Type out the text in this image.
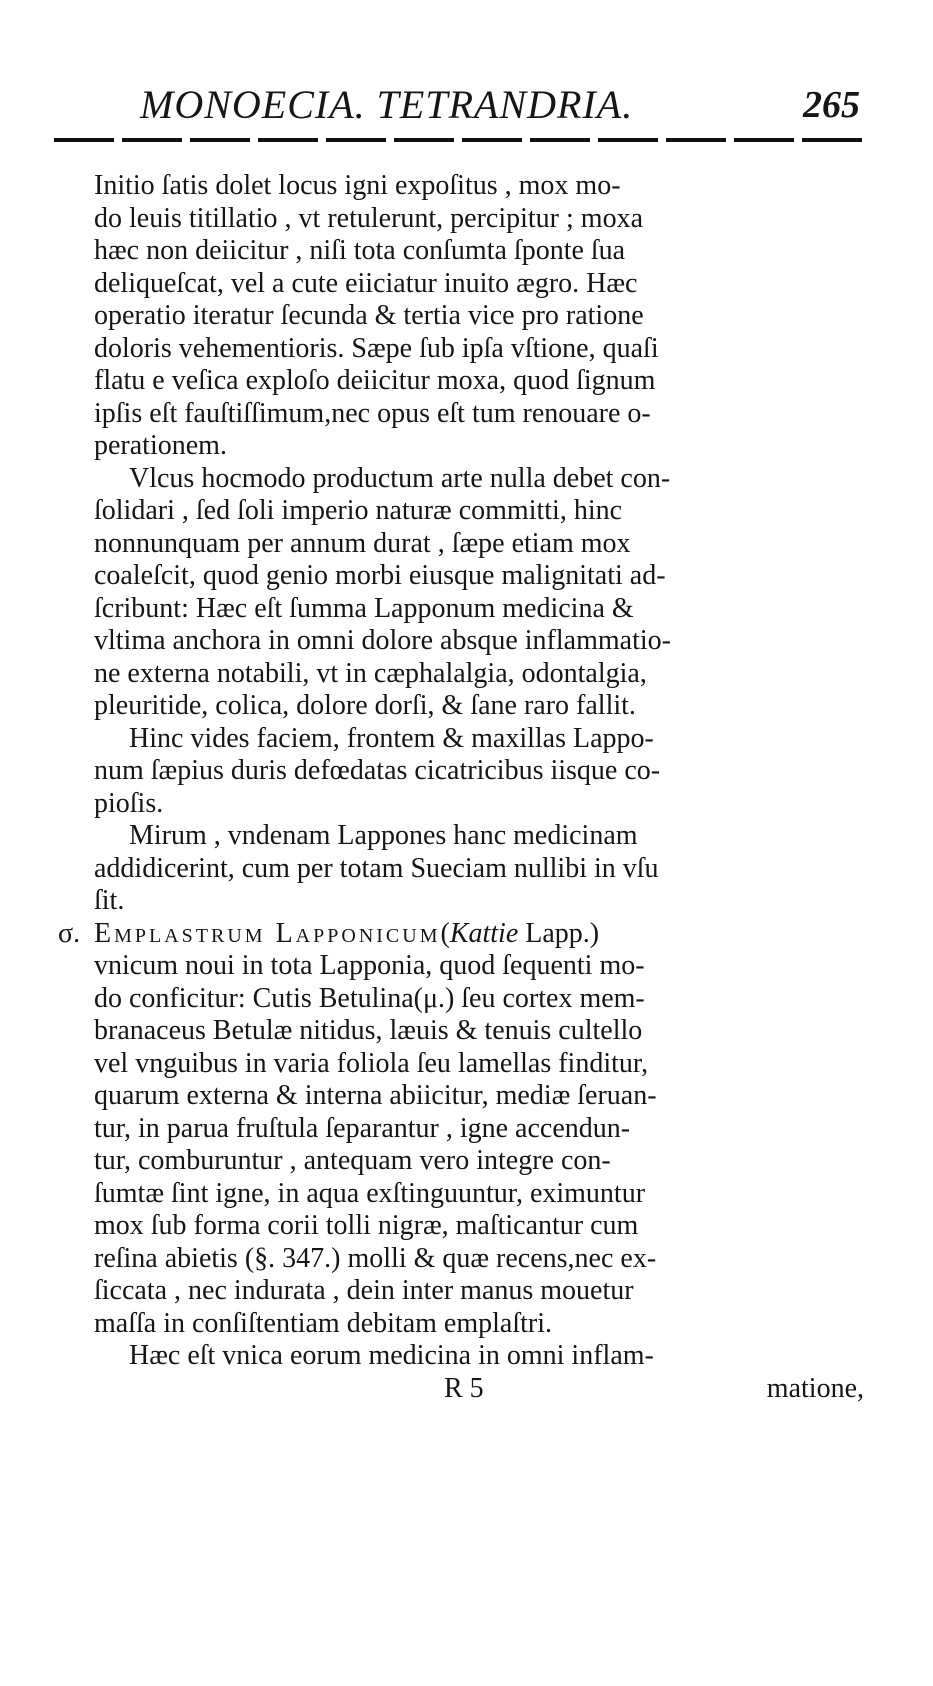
MONOECIA. TETRANDRIA.	265
Initio ſatis dolet locus igni expoſitus , mox mo-
do leuis titillatio , vt retulerunt, percipitur ; moxa
hæc non deiicitur , niſi tota conſumta ſponte ſua
deliqueſcat, vel a cute eiiciatur inuito ægro. Hæc
operatio iteratur ſecunda & tertia vice pro ratione
doloris vehementioris. Sæpe ſub ipſa vſtione, quaſi
flatu e veſica exploſo deiicitur moxa, quod ſignum
ipſis eſt fauſtiſſimum,nec opus eſt tum renouare o-
perationem.
Vlcus hocmodo productum arte nulla debet con-
ſolidari , ſed ſoli imperio naturæ committi, hinc
nonnunquam per annum durat , ſæpe etiam mox
coaleſcit, quod genio morbi eiusque malignitati ad-
ſcribunt: Hæc eſt ſumma Lapponum medicina &
vltima anchora in omni dolore absque inflammatio-
ne externa notabili, vt in cæphalalgia, odontalgia,
pleuritide, colica, dolore dorſi, & ſane raro fallit.
Hinc vides faciem, frontem & maxillas Lappo-
num ſæpius duris defœdatas cicatricibus iisque co-
pioſis.
Mirum , vndenam Lappones hanc medicinam
addidicerint, cum per totam Sueciam nullibi in vſu
ſit.
σ. Emplastrum Lapponicum(Kattie Lapp.)
vnicum noui in tota Lapponia, quod ſequenti mo-
do conficitur: Cutis Betulina(μ.) ſeu cortex mem-
branaceus Betulæ nitidus, læuis & tenuis cultello
vel vnguibus in varia foliola ſeu lamellas finditur,
quarum externa & interna abiicitur, mediæ ſeruan-
tur, in parua fruſtula ſeparantur , igne accendun-
tur, comburuntur , antequam vero integre con-
ſumtæ ſint igne, in aqua exſtinguuntur, eximuntur
mox ſub forma corii tolli nigræ, maſticantur cum
reſina abietis (§. 347.) molli & quæ recens,nec ex-
ſiccata , nec indurata , dein inter manus mouetur
maſſa in conſiſtentiam debitam emplaſtri.
Hæc eſt vnica eorum medicina in omni inflam-
R 5	matione,
